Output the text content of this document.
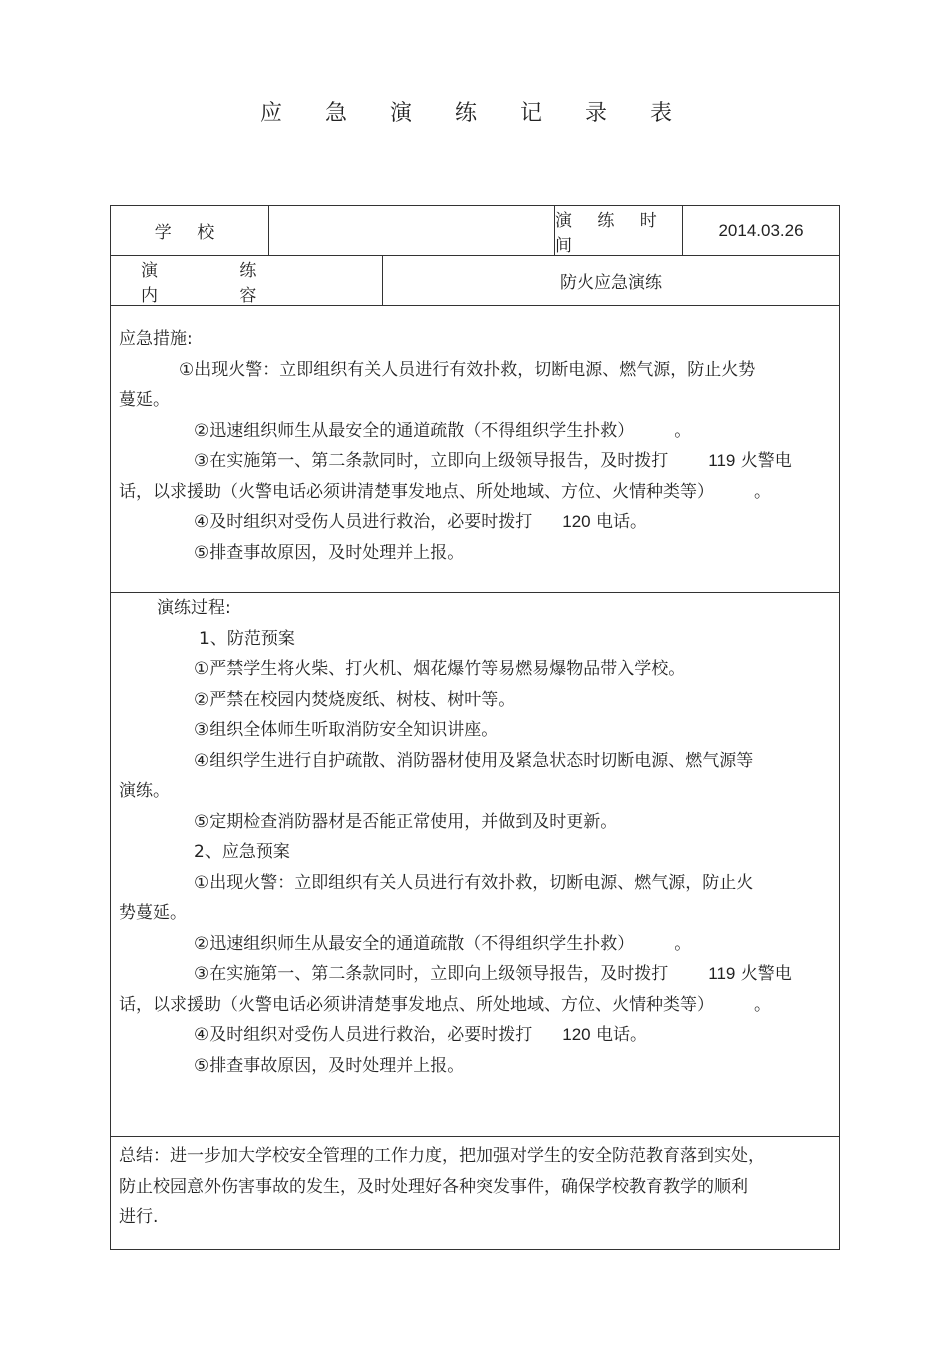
应 急 演 练 记 录 表
学 校
演 练 时 间
2014.03.26
演 练 内 容
防火应急演练

应急措施:

①出现火警：立即组织有关人员进行有效扑救，切断电源、燃气源，防止火势

蔓延。

②迅速组织师生从最安全的通道疏散（不得组织学生扑救） 。

③在实施第一、第二条款同时，立即向上级领导报告，及时拨打 119 火警电

话，以求援助（火警电话必须讲清楚事发地点、所处地域、方位、火情种类等） 。

④及时组织对受伤人员进行救治，必要时拨打 120 电话。

⑤排查事故原因，及时处理并上报。

演练过程:

1、防范预案

①严禁学生将火柴、打火机、烟花爆竹等易燃易爆物品带入学校。

②严禁在校园内焚烧废纸、树枝、树叶等。

③组织全体师生听取消防安全知识讲座。

④组织学生进行自护疏散、消防器材使用及紧急状态时切断电源、燃气源等

演练。

⑤定期检查消防器材是否能正常使用，并做到及时更新。

2、应急预案

①出现火警：立即组织有关人员进行有效扑救，切断电源、燃气源，防止火

势蔓延。

②迅速组织师生从最安全的通道疏散（不得组织学生扑救） 。

③在实施第一、第二条款同时，立即向上级领导报告，及时拨打 119 火警电

话，以求援助（火警电话必须讲清楚事发地点、所处地域、方位、火情种类等） 。

④及时组织对受伤人员进行救治，必要时拨打 120 电话。

⑤排查事故原因，及时处理并上报。

总结：进一步加大学校安全管理的工作力度，把加强对学生的安全防范教育落到实处，

防止校园意外伤害事故的发生，及时处理好各种突发事件，确保学校教育教学的顺利

进行.
